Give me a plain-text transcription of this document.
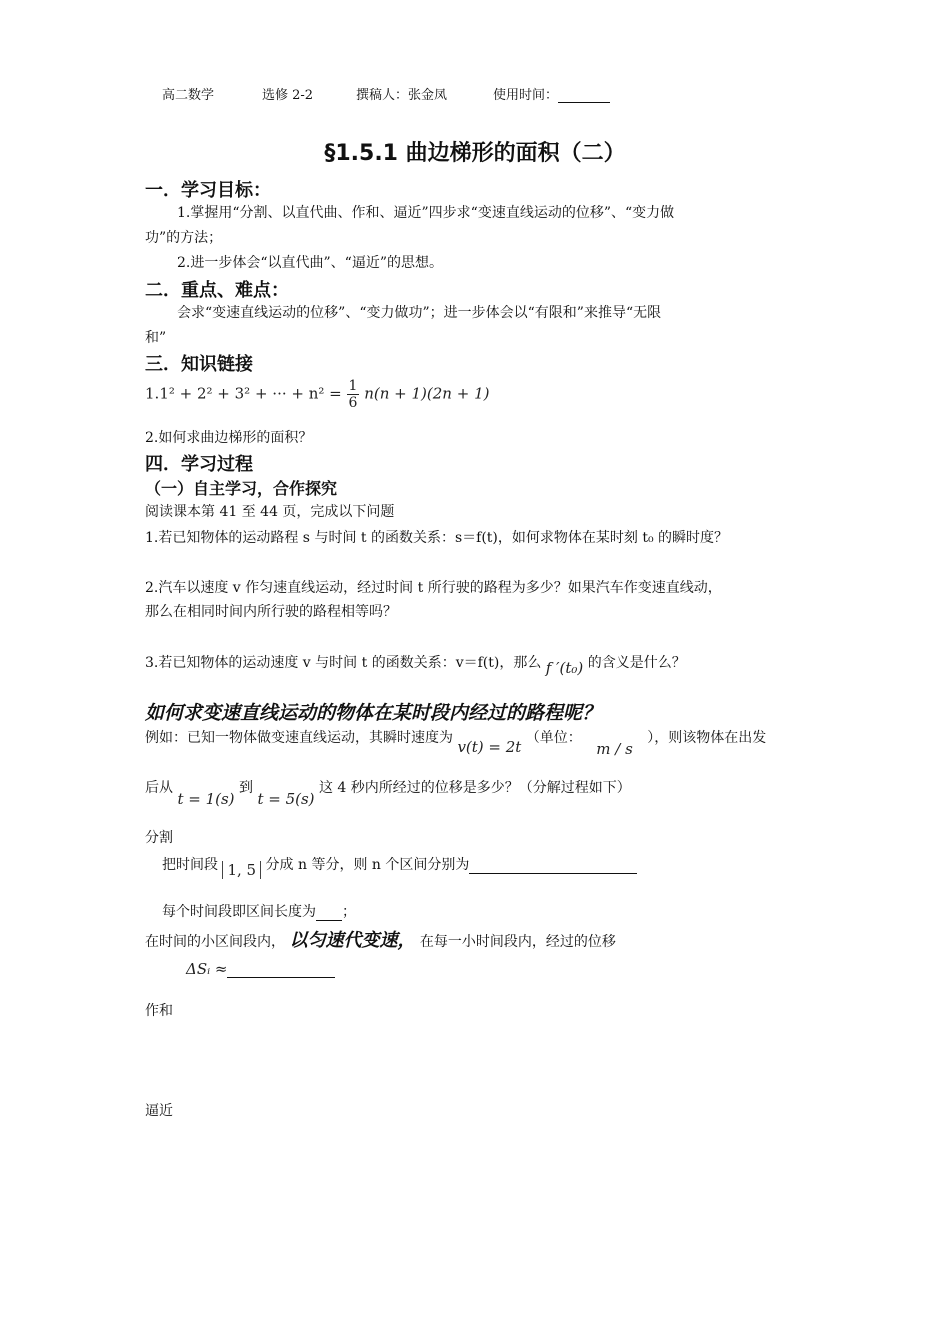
高二数学	选修 2-2	撰稿人：张金凤	使用时间：
§1.5.1 曲边梯形的面积（二）
一．学习目标：
1.掌握用“分割、以直代曲、作和、逼近”四步求“变速直线运动的位移”、“变力做
功”的方法；
2.进一步体会“以直代曲”、“逼近”的思想。
二．重点、难点：
会求“变速直线运动的位移”、“变力做功”；进一步体会以“有限和”来推导“无限
和”
三．知识链接
1.1² + 2² + 3² + ··· + $n^2 = \frac{1}{6} n(n + 1)(2n + 1)$
2.如何求曲边梯形的面积？
四．学习过程
（一）自主学习，合作探究
阅读课本第 41 至 44 页，完成以下问题
1.若已知物体的运动路程 s 与时间 t 的函数关系：s＝f(t)，如何求物体在某时刻 t₀ 的瞬时度？
2.汽车以速度 v 作匀速直线运动，经过时间 t 所行驶的路程为多少？如果汽车作变速直线动，
那么在相同时间内所行驶的路程相等吗？
3.若已知物体的运动速度 v 与时间 t 的函数关系：v＝f(t)，那么 f ′(t₀) 的含义是什么？
如何求变速直线运动的物体在某时段内经过的路程呢？
例如：已知一物体做变速直线运动，其瞬时速度为 v(t) = 2t （单位： m / s ），则该物体在出发
后从 t = 1(s) 到 t = 5(s) 这 4 秒内所经过的位移是多少？（分解过程如下）
分割
把时间段 1, 5 分成 n 等分，则 n 个区间分别为
每个时间段即区间长度为 ；
在时间的小区间段内， 以匀速代变速， 在每一小时间段内，经过的位移
ΔSᵢ ≈
作和
逼近
